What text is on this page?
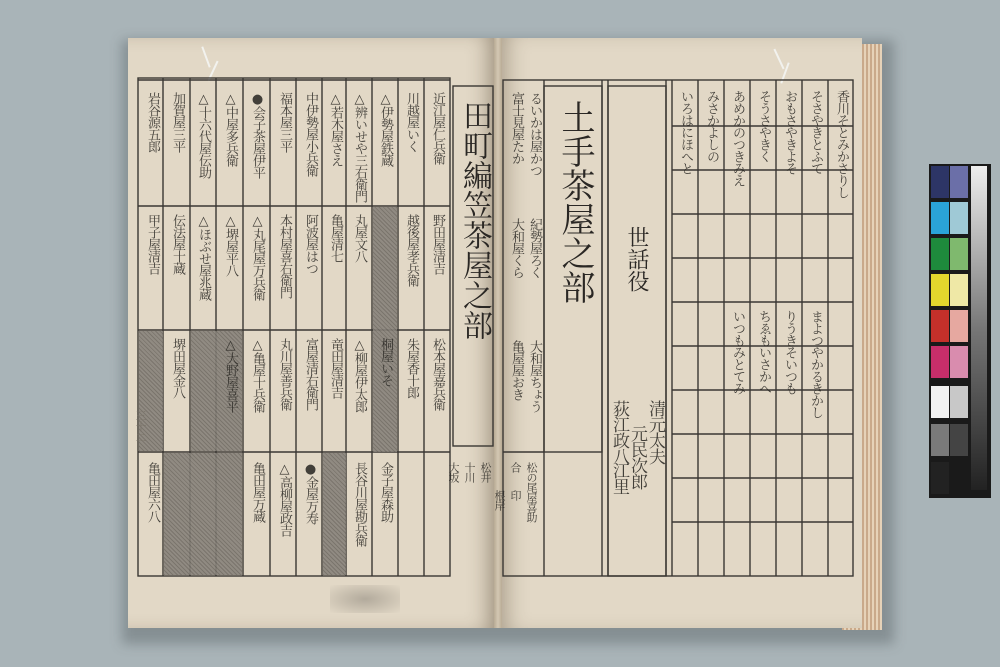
岩谷源五郎
甲子屋清吉
亀田屋六八
加賀屋三平
伝法屋十蔵
堺田屋金八
△十六代屋伝助
△ほぶせ屋兆蔵
亀田屋万蔵
△中屋多兵衛
△堺屋平八
△高柳屋政吉
●会子茶屋伊平
△丸尾屋万兵衛
△亀屋十兵衛
福本屋三平
本村屋喜右衛門
●金屋万寿
中伊勢屋小兵衛
阿波屋はつ
丸川屋善兵衛 富屋清右衛門
△若木屋さえ
亀屋清七
竜田屋清吉
長谷川屋勘兵衛
△辨いせや三右衛門
丸屋文八
△柳屋伊太郎
△伊勢屋鉄蔵
金子屋森助
川越屋いく
越後屋孝兵衛
朱屋香十郎
桐屋いそ
近江屋仁兵衛
野田屋清吉
松本屋嘉兵衛
△大野屋喜平
田町編笠茶屋之部
三十二
富士見屋たか
大和屋くら
亀屋屋おき
るいかは屋かつ
紀勢屋ろく
大和屋ちょう
松の尾屋喜助
合
印
大坂 十川 松井
根岸
土手茶屋之部 世話役
清元太夫
元民次郎
荻江政八
江里
いろはにほへと みさかよしの あめかのつきみえ そうさやきく おもさやきよそ そさやきとふて 香川そとみかさりし
いつもみとてみ ちゑもいさかへ りうきそいつも まよつやかるきかし
